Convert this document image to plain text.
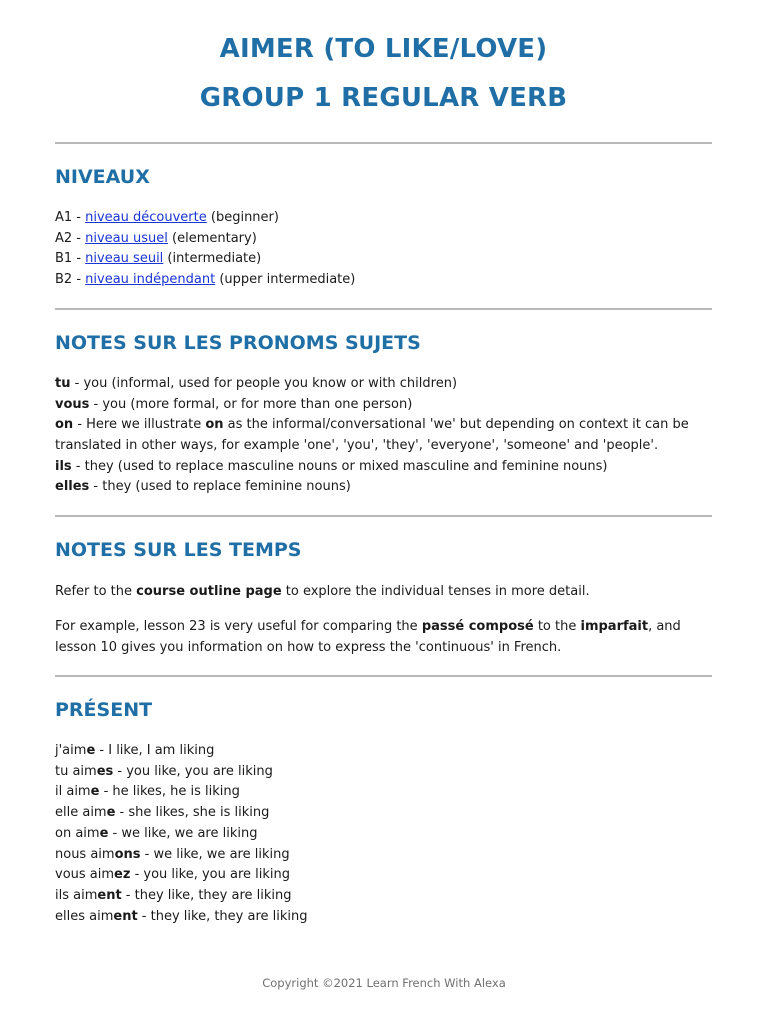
AIMER (TO LIKE/LOVE)
GROUP 1 REGULAR VERB
NIVEAUX
A1 - niveau découverte (beginner)
A2 - niveau usuel (elementary)
B1 - niveau seuil (intermediate)
B2 - niveau indépendant (upper intermediate)
NOTES SUR LES PRONOMS SUJETS
tu - you (informal, used for people you know or with children)
vous - you (more formal, or for more than one person)
on - Here we illustrate on as the informal/conversational 'we' but depending on context it can be
translated in other ways, for example 'one', 'you', 'they', 'everyone', 'someone' and 'people'.
ils - they (used to replace masculine nouns or mixed masculine and feminine nouns)
elles - they (used to replace feminine nouns)
NOTES SUR LES TEMPS

Refer to the course outline page to explore the individual tenses in more detail.

For example, lesson 23 is very useful for comparing the passé composé to the imparfait, and
lesson 10 gives you information on how to express the 'continuous' in French.

PRÉSENT
j'aime - I like, I am liking
tu aimes - you like, you are liking
il aime - he likes, he is liking
elle aime - she likes, she is liking
on aime - we like, we are liking
nous aimons - we like, we are liking
vous aimez - you like, you are liking
ils aiment - they like, they are liking
elles aiment - they like, they are liking
Copyright ©2021 Learn French With Alexa
